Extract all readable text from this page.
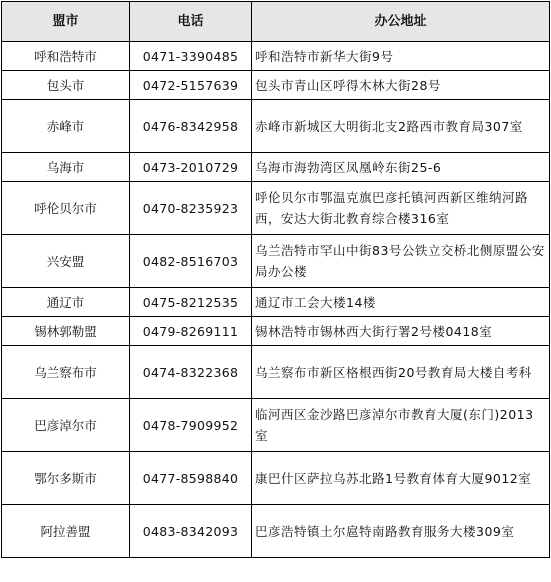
盟市	电话	办公地址
呼和浩特市	0471-3390485	呼和浩特市新华大街9号
包头市	0472-5157639	包头市青山区呼得木林大街28号
赤峰市	0476-8342958	赤峰市新城区大明街北支2路西市教育局307室
乌海市	0473-2010729	乌海市海勃湾区凤凰岭东街25-6
呼伦贝尔市	0470-8235923	呼伦贝尔市鄂温克旗巴彦托镇河西新区维纳河路西，安达大街北教育综合楼316室
兴安盟	0482-8516703	乌兰浩特市罕山中街83号公铁立交桥北侧原盟公安局办公楼
通辽市	0475-8212535	通辽市工会大楼14楼
锡林郭勒盟	0479-8269111	锡林浩特市锡林西大街行署2号楼0418室
乌兰察布市	0474-8322368	乌兰察布市新区格根西街20号教育局大楼自考科
巴彦淖尔市	0478-7909952	临河西区金沙路巴彦淖尔市教育大厦(东门)2013室
鄂尔多斯市	0477-8598840	康巴什区萨拉乌苏北路1号教育体育大厦9012室
阿拉善盟	0483-8342093	巴彦浩特镇土尔扈特南路教育服务大楼309室
